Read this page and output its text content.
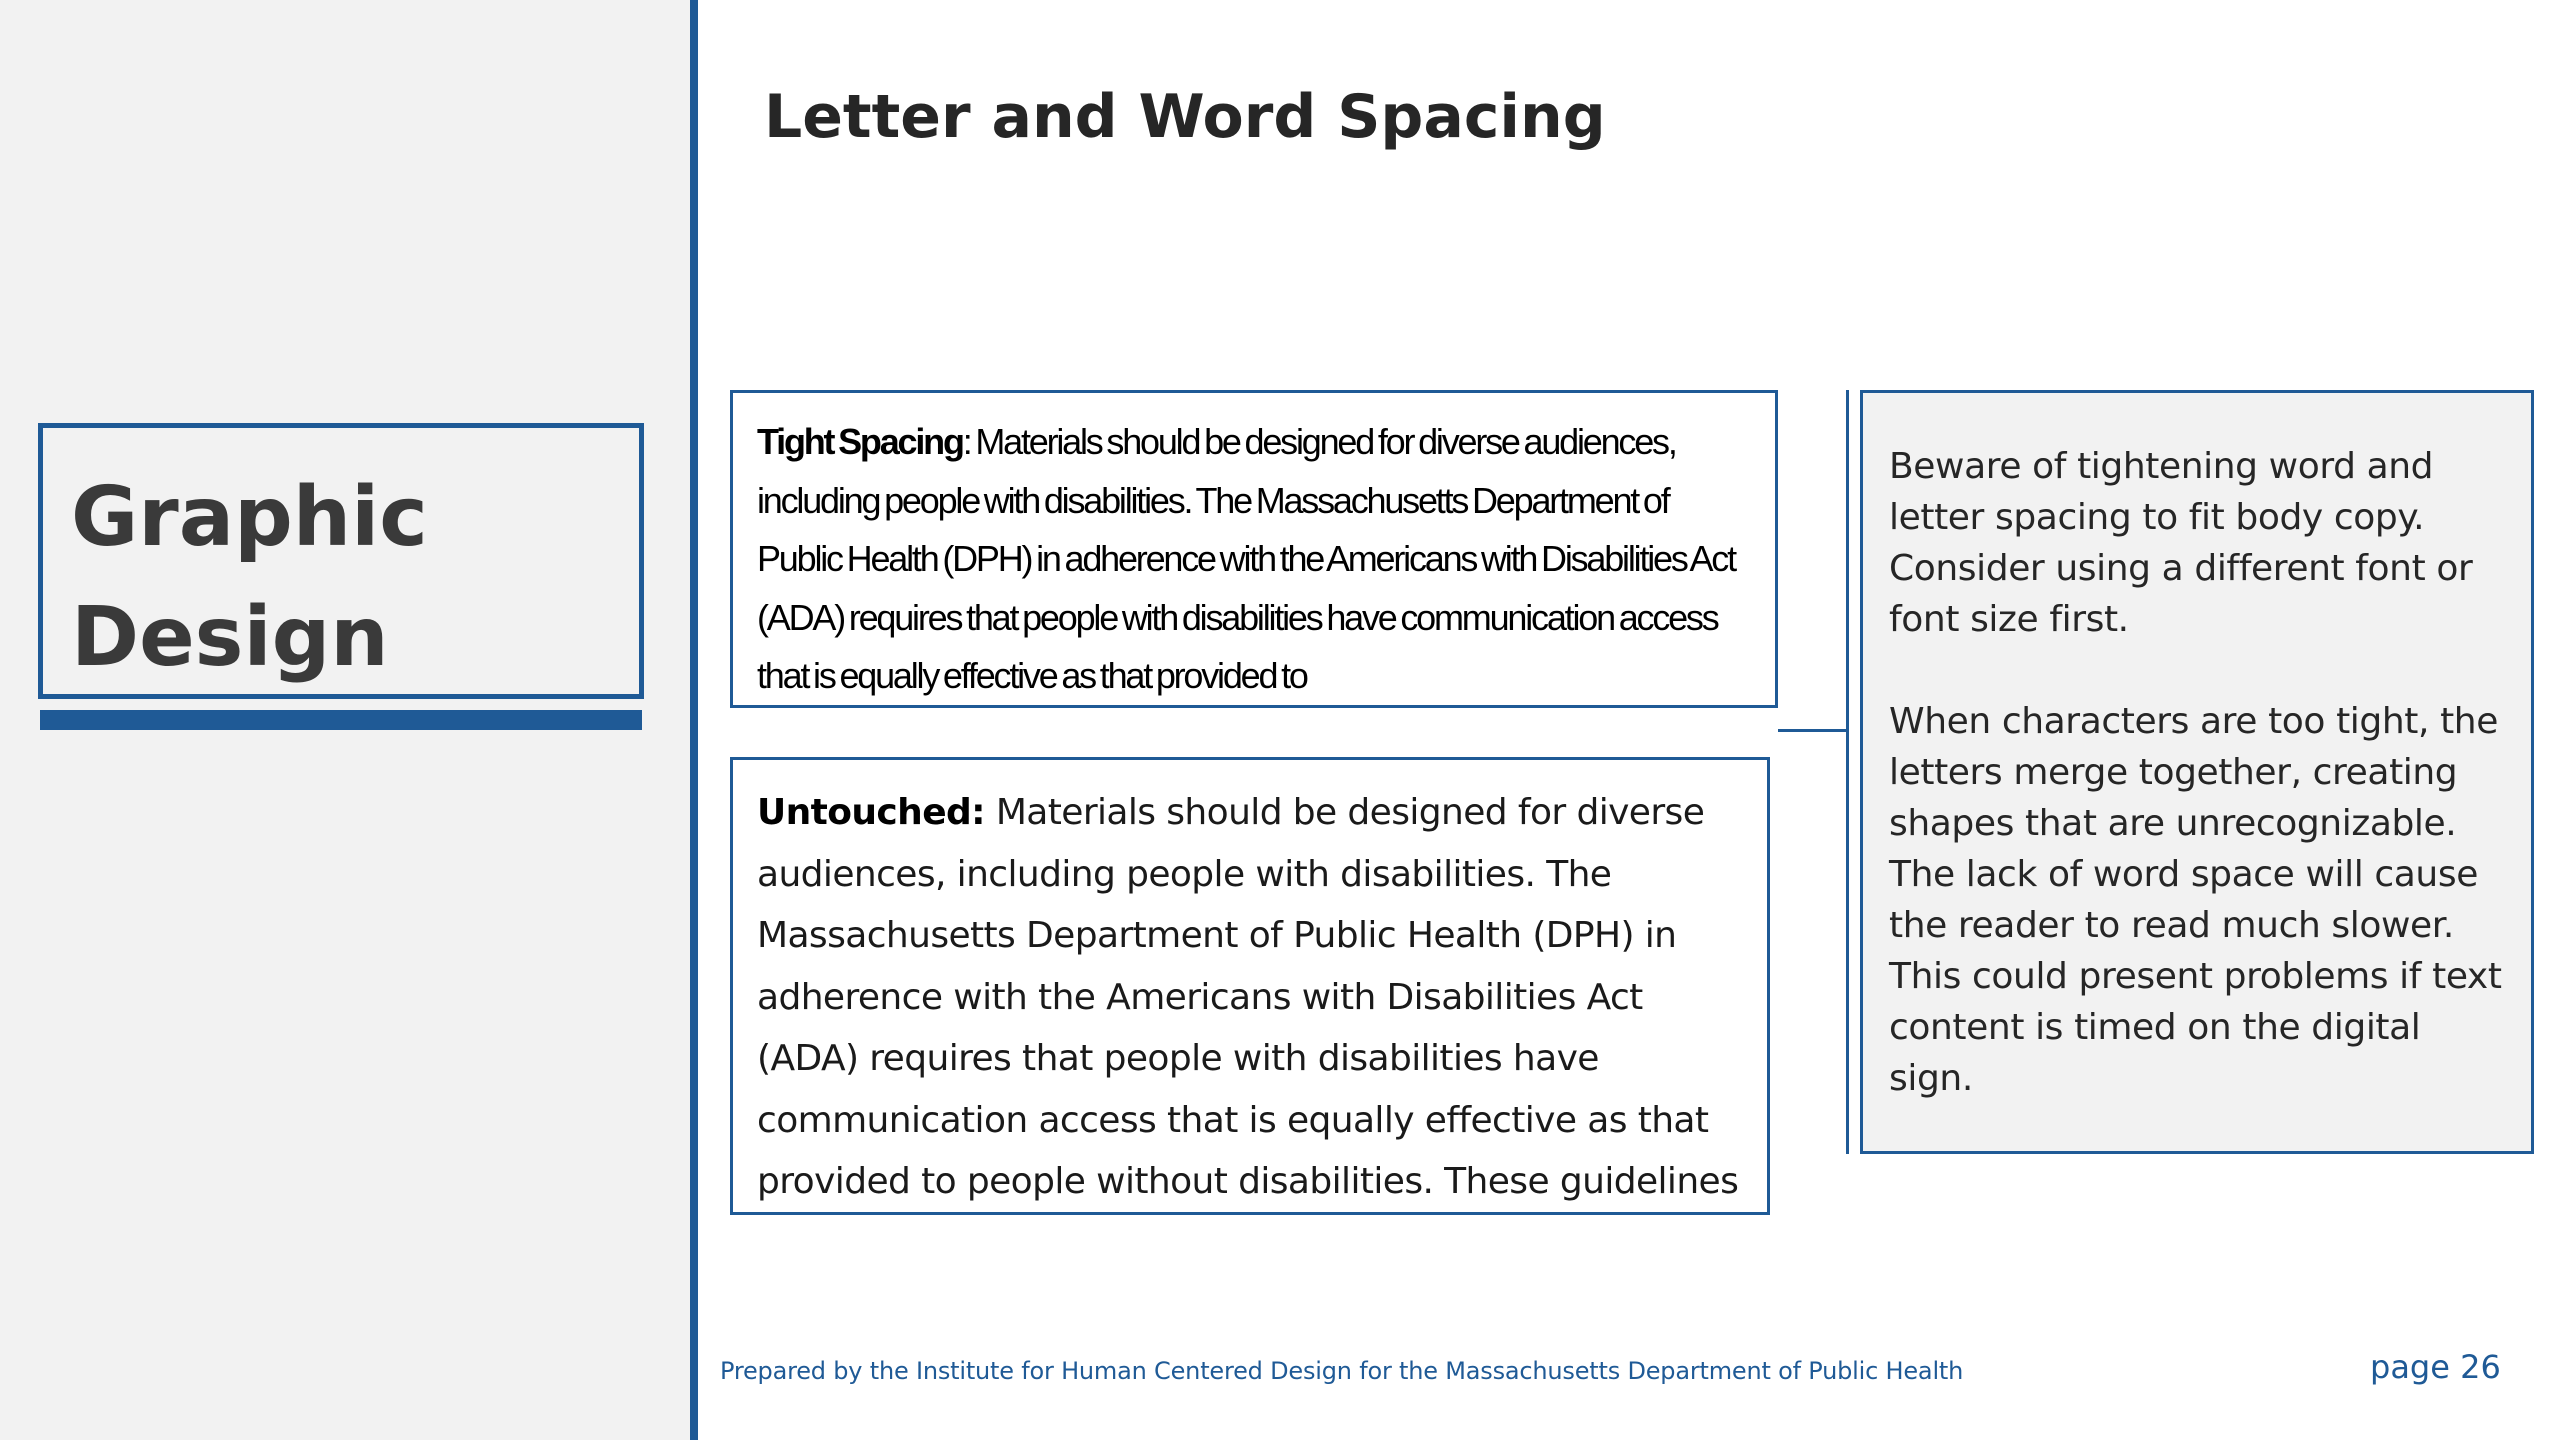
Graphic
Design
Letter and Word Spacing
Tight Spacing: Materials should be designed for diverse audiences, including people with disabilities. The Massachusetts Department of Public Health (DPH) in adherence with the Americans with Disabilities Act (ADA) requires that people with disabilities have communication access that is equally effective as that provided to
Untouched: Materials should be designed for diverse audiences, including people with disabilities. The Massachusetts Department of Public Health (DPH) in adherence with the Americans with Disabilities Act (ADA) requires that people with disabilities have communication access that is equally effective as that provided to people without disabilities. These guidelines

Beware of tightening word and letter spacing to fit body copy. Consider using a different font or font size first.

When characters are too tight, the letters merge together, creating shapes that are unrecognizable. The lack of word space will cause the reader to read much slower. This could present problems if text content is timed on the digital sign.

Prepared by the Institute for Human Centered Design for the Massachusetts Department of Public Health	page 26
